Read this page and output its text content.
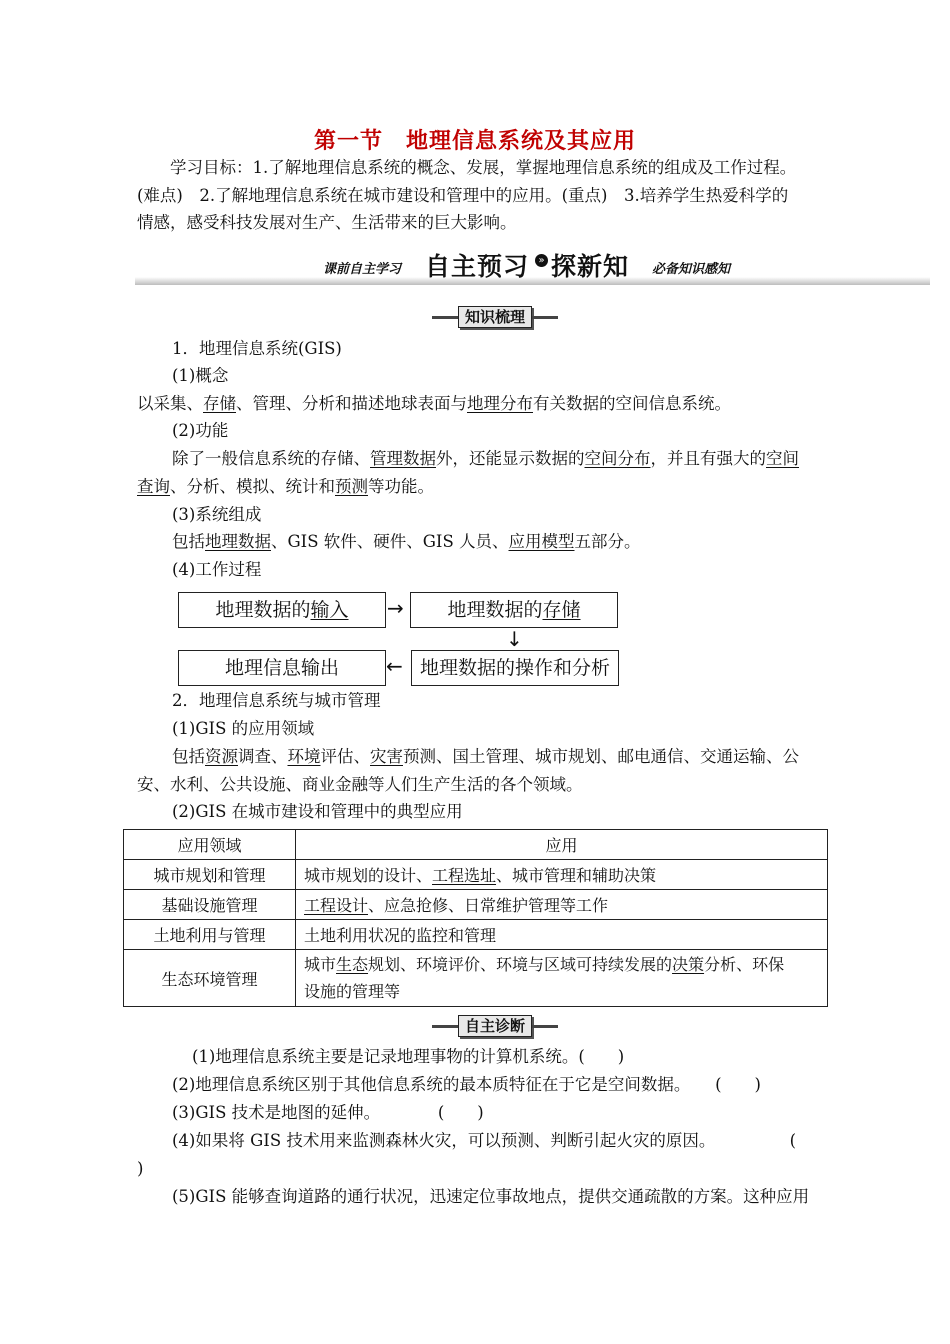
第一节　地理信息系统及其应用
学习目标：1.了解地理信息系统的概念、发展，掌握地理信息系统的组成及工作过程。
(难点)　2.了解地理信息系统在城市建设和管理中的应用。(重点)　3.培养学生热爱科学的
情感，感受科技发展对生产、生活带来的巨大影响。
课前自主学习 自主预习 » 探新知 必备知识感知
知识梳理
1．地理信息系统(GIS)
(1)概念
以采集、存储、管理、分析和描述地球表面与地理分布有关数据的空间信息系统。
(2)功能
除了一般信息系统的存储、管理数据外，还能显示数据的空间分布，并且有强大的空间
查询、分析、模拟、统计和预测等功能。
(3)系统组成
包括地理数据、GIS 软件、硬件、GIS 人员、应用模型五部分。
(4)工作过程
地理数据的输入	→	地理数据的存储
↓
地理信息输出	← 地理数据的操作和分析
2．地理信息系统与城市管理
(1)GIS 的应用领域
包括资源调查、环境评估、灾害预测、国土管理、城市规划、邮电通信、交通运输、公
安、水利、公共设施、商业金融等人们生产生活的各个领域。
(2)GIS 在城市建设和管理中的典型应用
应用领域	应用
城市规划和管理	城市规划的设计、工程选址、城市管理和辅助决策
基础设施管理	工程设计、应急抢修、日常维护管理等工作
土地利用与管理	土地利用状况的监控和管理
生态环境管理	城市生态规划、环境评价、环境与区域可持续发展的决策分析、环保
设施的管理等
自主诊断
(1)地理信息系统主要是记录地理事物的计算机系统。(　　)
(2)地理信息系统区别于其他信息系统的最本质特征在于它是空间数据。　　(　　)
(3)GIS 技术是地图的延伸。　　　　(　　)
(4)如果将 GIS 技术用来监测森林火灾，可以预测、判断引起火灾的原因。　　　　　(
)
(5)GIS 能够查询道路的通行状况，迅速定位事故地点，提供交通疏散的方案。这种应用
